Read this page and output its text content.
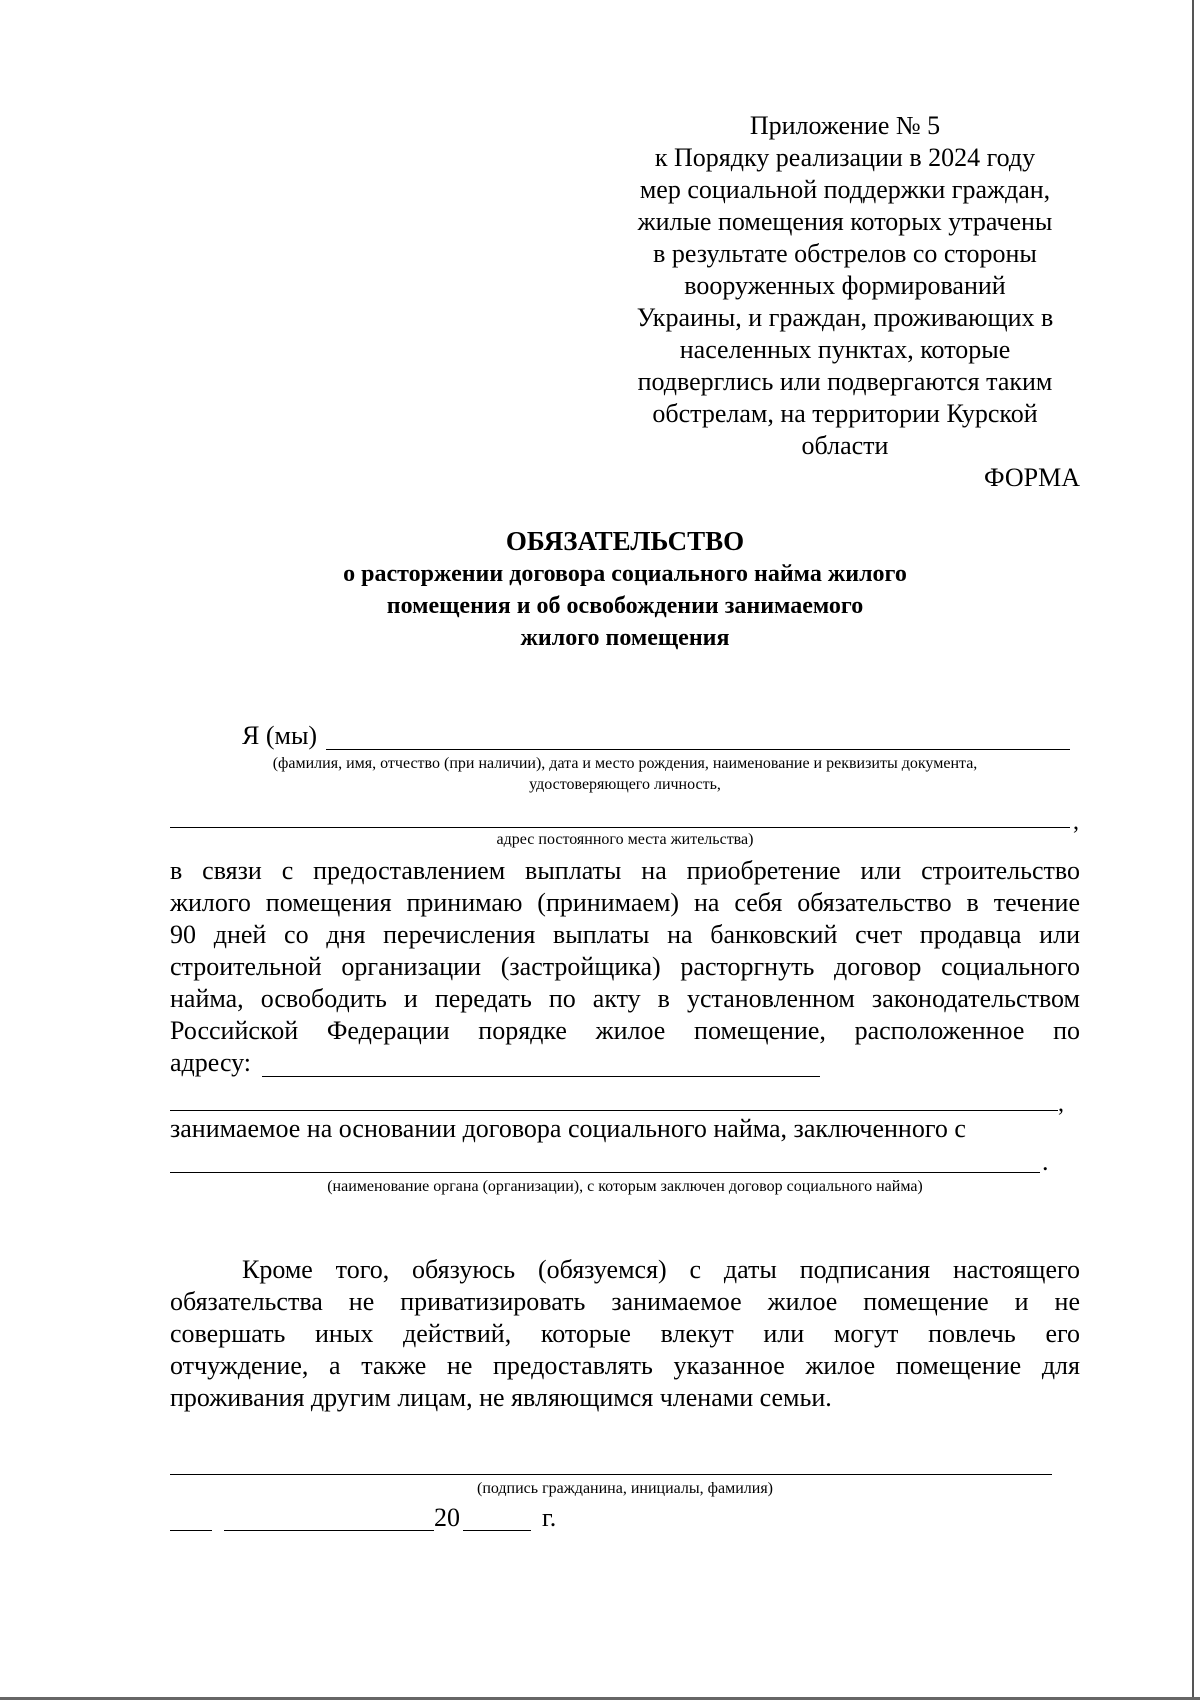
Приложение № 5
к Порядку реализации в 2024 году
мер социальной поддержки граждан,
жилые помещения которых утрачены
в результате обстрелов со стороны
вооруженных формирований
Украины, и граждан, проживающих в
населенных пунктах, которые
подверглись или подвергаются таким
обстрелам, на территории Курской
области
ФОРМА
ОБЯЗАТЕЛЬСТВО
о расторжении договора социального найма жилого
помещения и об освобождении занимаемого
жилого помещения
Я (мы)
(фамилия, имя, отчество (при наличии), дата и место рождения, наименование и реквизиты документа,
удостоверяющего личность,
,
адрес постоянного места жительства)
в связи с предоставлением выплаты на приобретение или строительство
жилого помещения принимаю (принимаем) на себя обязательство в течение
90 дней со дня перечисления выплаты на банковский счет продавца или
строительной организации (застройщика) расторгнуть договор социального
найма, освободить и передать по акту в установленном законодательством
Российской Федерации порядке жилое помещение, расположенное по
адресу:
,
занимаемое на основании договора социального найма, заключенного с
.
(наименование органа (организации), с которым заключен договор социального найма)
Кроме того, обязуюсь (обязуемся) с даты подписания настоящего
обязательства не приватизировать занимаемое жилое помещение и не
совершать иных действий, которые влекут или могут повлечь его
отчуждение, а также не предоставлять указанное жилое помещение для
проживания другим лицам, не являющимся членами семьи.
(подпись гражданина, инициалы, фамилия)
20	г.
